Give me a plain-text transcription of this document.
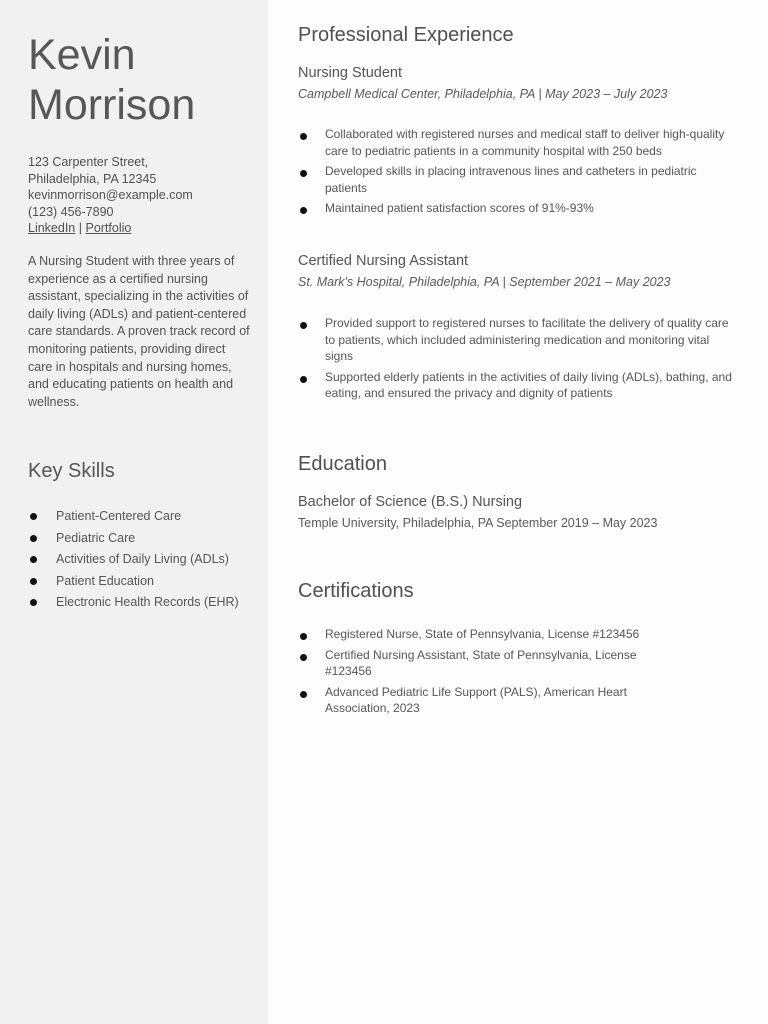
Kevin
Morrison
123 Carpenter Street,
Philadelphia, PA 12345
kevinmorrison@example.com
(123) 456-7890
LinkedIn | Portfolio

A Nursing Student with three years of experience as a certified nursing assistant, specializing in the activities of daily living (ADLs) and patient-centered care standards. A proven track record of monitoring patients, providing direct care in hospitals and nursing homes, and educating patients on health and wellness.

Key Skills
Patient-Centered Care
Pediatric Care
Activities of Daily Living (ADLs)
Patient Education
Electronic Health Records (EHR)
Professional Experience
Nursing Student

Campbell Medical Center, Philadelphia, PA | May 2023 – July 2023

Collaborated with registered nurses and medical staff to deliver high-quality care to pediatric patients in a community hospital with 250 beds
Developed skills in placing intravenous lines and catheters in pediatric patients
Maintained patient satisfaction scores of 91%-93%
Certified Nursing Assistant

St. Mark's Hospital, Philadelphia, PA | September 2021 – May 2023

Provided support to registered nurses to facilitate the delivery of quality care to patients, which included administering medication and monitoring vital signs
Supported elderly patients in the activities of daily living (ADLs), bathing, and eating, and ensured the privacy and dignity of patients
Education
Bachelor of Science (B.S.) Nursing

Temple University, Philadelphia, PA September 2019 – May 2023

Certifications
Registered Nurse, State of Pennsylvania, License #123456
Certified Nursing Assistant, State of Pennsylvania, License #123456
Advanced Pediatric Life Support (PALS), American Heart Association, 2023
